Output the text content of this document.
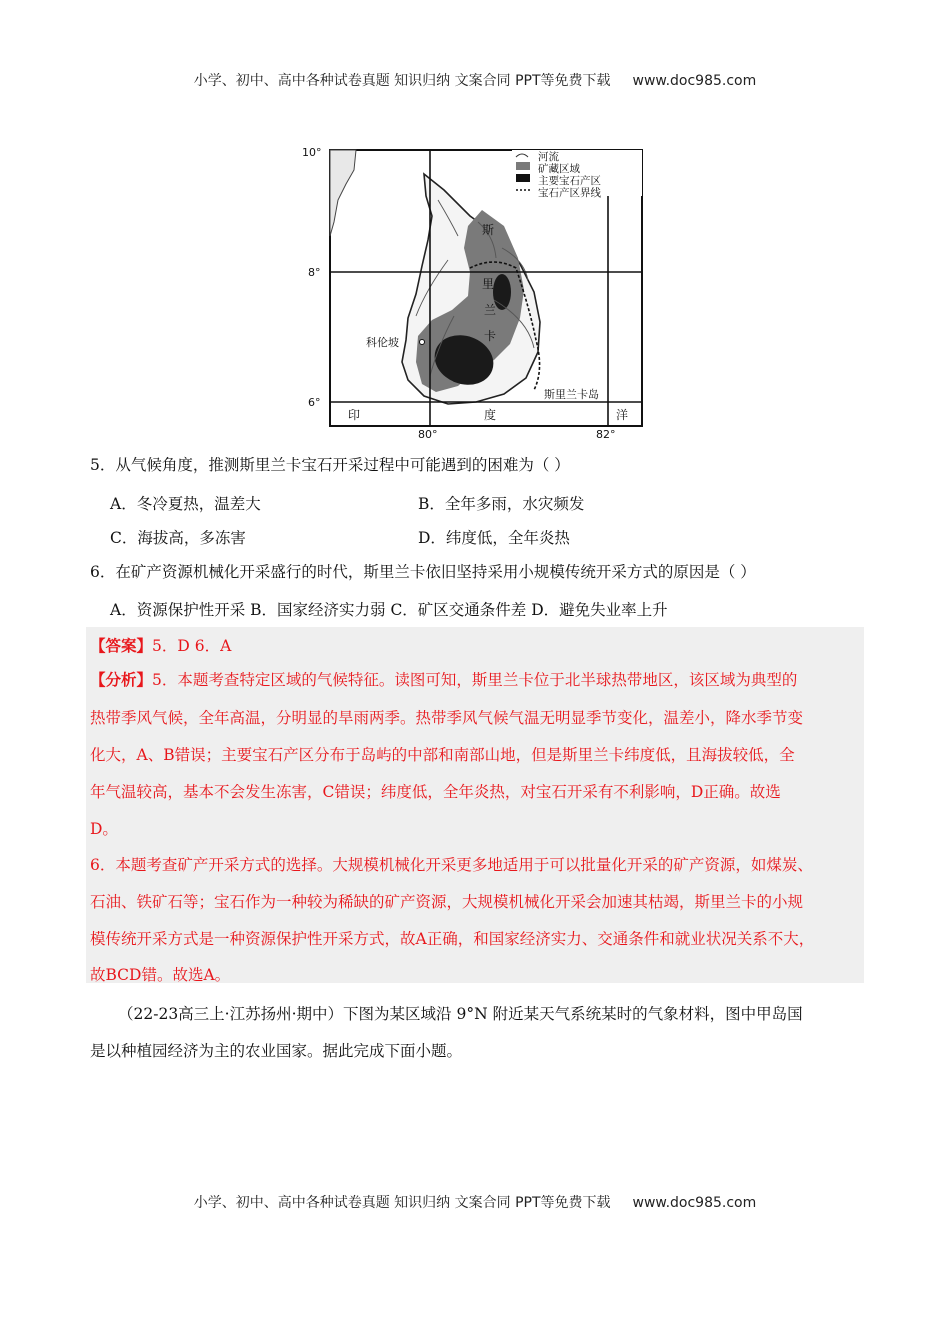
小学、初中、高中各种试卷真题 知识归纳 文案合同 PPT等免费下载 www.doc985.com
河流
矿藏区域
主要宝石产区
宝石产区界线
10°
8°
6°
80°	82°
科伦坡
斯
里
兰
卡
斯里兰卡岛
印	度	洋
5．从气候角度，推测斯里兰卡宝石开采过程中可能遇到的困难为（ ）
A．冬冷夏热，温差大	B．全年多雨，水灾频发
C．海拔高，多冻害	D．纬度低，全年炎热
6．在矿产资源机械化开采盛行的时代，斯里兰卡依旧坚持采用小规模传统开采方式的原因是（ ）
A．资源保护性开采 B．国家经济实力弱 C．矿区交通条件差 D．避免失业率上升
【答案】5．D 6．A
【分析】5．本题考查特定区域的气候特征。读图可知，斯里兰卡位于北半球热带地区，该区域为典型的
热带季风气候，全年高温，分明显的旱雨两季。热带季风气候气温无明显季节变化，温差小，降水季节变
化大，A、B错误；主要宝石产区分布于岛屿的中部和南部山地，但是斯里兰卡纬度低，且海拔较低，全
年气温较高，基本不会发生冻害，C错误；纬度低，全年炎热，对宝石开采有不利影响，D正确。故选
D。
6．本题考查矿产开采方式的选择。大规模机械化开采更多地适用于可以批量化开采的矿产资源，如煤炭、
石油、铁矿石等；宝石作为一种较为稀缺的矿产资源，大规模机械化开采会加速其枯竭，斯里兰卡的小规
模传统开采方式是一种资源保护性开采方式，故A正确，和国家经济实力、交通条件和就业状况关系不大，
故BCD错。故选A。
（22-23高三上·江苏扬州·期中）下图为某区域沿 9°N 附近某天气系统某时的气象材料，图中甲岛国
是以种植园经济为主的农业国家。据此完成下面小题。
小学、初中、高中各种试卷真题 知识归纳 文案合同 PPT等免费下载 www.doc985.com
